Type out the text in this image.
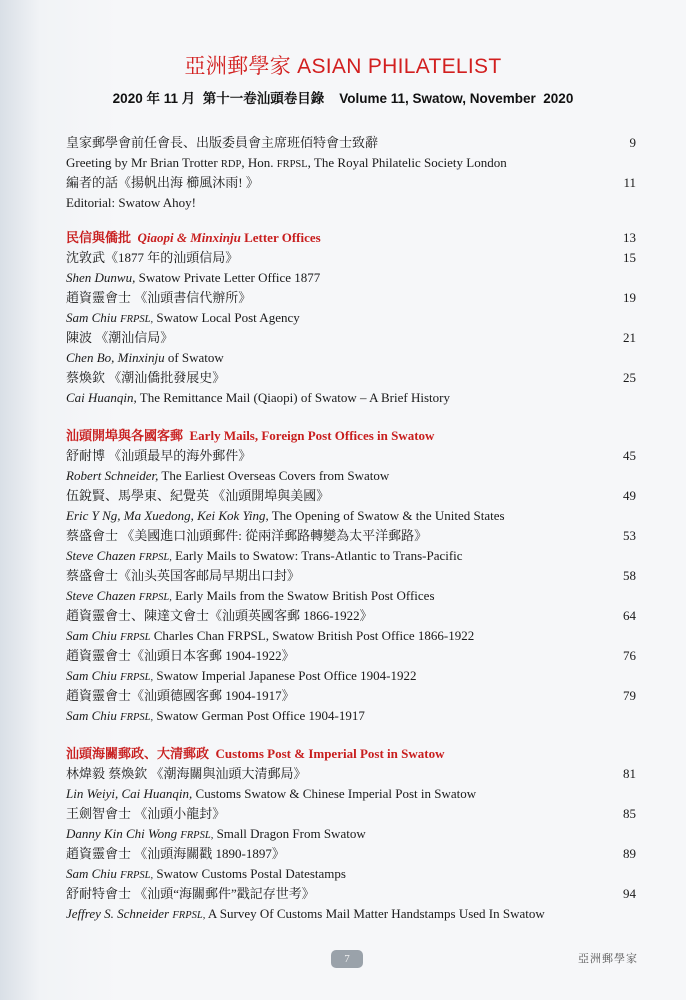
亞洲郵學家 ASIAN PHILATELIST
2020 年 11 月  第十一卷汕頭卷目錄    Volume 11, Swatow, November  2020
皇家郵學會前任會長、出版委員會主席班佰特會士致辭	9
Greeting by Mr Brian Trotter RDP, Hon. FRPSL, The Royal Philatelic Society London
編者的話《揚帆出海 櫛風沐雨! 》	11
Editorial: Swatow Ahoy!
民信與僑批 Qiaopi & Minxinju Letter Offices	13
沈敦武《1877 年的汕頭信局》	15
Shen Dunwu, Swatow Private Letter Office 1877
趙資靈會士 《汕頭書信代辦所》	19
Sam Chiu FRPSL, Swatow Local Post Agency
陳波 《潮汕信局》	21
Chen Bo, Minxinju of Swatow
蔡煥欽 《潮汕僑批發展史》	25
Cai Huanqin, The Remittance Mail (Qiaopi) of Swatow – A Brief History
汕頭開埠與各國客郵 Early Mails, Foreign Post Offices in Swatow
舒耐博 《汕頭最早的海外郵件》	45
Robert Schneider, The Earliest Overseas Covers from Swatow
伍銳賢、馬學東、紀覺英 《汕頭開埠與美國》	49
Eric Y Ng, Ma Xuedong, Kei Kok Ying, The Opening of Swatow & the United States
蔡盛會士 《美國進口汕頭郵件: 從兩洋郵路轉變為太平洋郵路》	53
Steve Chazen FRPSL, Early Mails to Swatow: Trans-Atlantic to Trans-Pacific
蔡盛會士《汕头英国客邮局早期出口封》	58
Steve Chazen FRPSL, Early Mails from the Swatow British Post Offices
趙資靈會士、陳達文會士《汕頭英國客郵 1866-1922》	64
Sam Chiu FRPSL Charles Chan FRPSL, Swatow British Post Office 1866-1922
趙資靈會士《汕頭日本客郵 1904-1922》	76
Sam Chiu FRPSL, Swatow Imperial Japanese Post Office 1904-1922
趙資靈會士《汕頭德國客郵 1904-1917》	79
Sam Chiu FRPSL, Swatow German Post Office 1904-1917
汕頭海關郵政、大清郵政 Customs Post & Imperial Post in Swatow
林煒毅 蔡煥欽 《潮海關與汕頭大清郵局》	81
Lin Weiyi, Cai Huanqin, Customs Swatow & Chinese Imperial Post in Swatow
王劍智會士 《汕頭小龍封》	85
Danny Kin Chi Wong FRPSL, Small Dragon From Swatow
趙資靈會士 《汕頭海關戳 1890-1897》	89
Sam Chiu FRPSL, Swatow Customs Postal Datestamps
舒耐特會士 《汕頭“海關郵件”戳記存世考》	94
Jeffrey S. Schneider FRPSL, A Survey Of Customs Mail Matter Handstamps Used In Swatow
7	亞洲郵學家
